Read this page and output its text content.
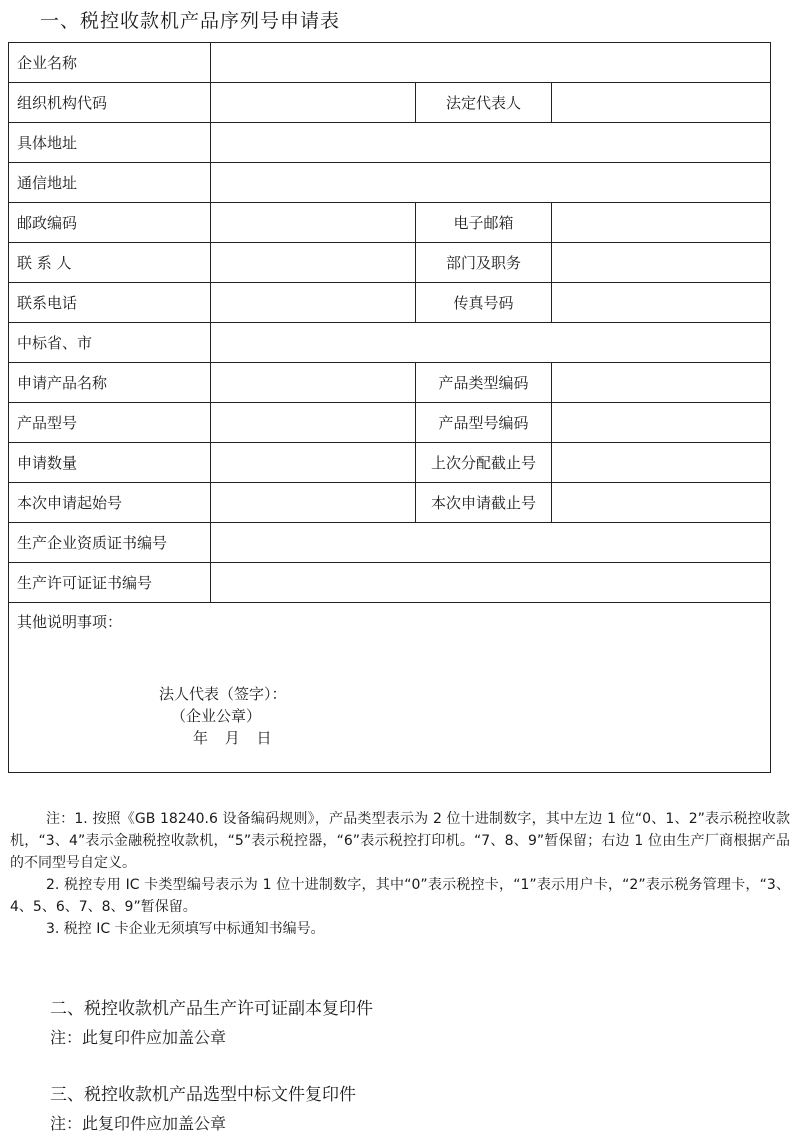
一、税控收款机产品序列号申请表
企业名称			
组织机构代码		法定代表人	
具体地址			
通信地址			
邮政编码		电子邮箱	
联 系 人		部门及职务	
联系电话		传真号码	
中标省、市			
申请产品名称		产品类型编码	
产品型号		产品型号编码	
申请数量		上次分配截止号	
本次申请起始号		本次申请截止号	
生产企业资质证书编号			
生产许可证证书编号			

其他说明事项：
法人代表（签字）：
（企业公章）
年 月 日			

注：1. 按照《GB 18240.6 设备编码规则》，产品类型表示为 2 位十进制数字，其中左边 1 位“0、1、2”表示税控收款机，“3、4”表示金融税控收款机，“5”表示税控器，“6”表示税控打印机。“7、8、9”暂保留；右边 1 位由生产厂商根据产品的不同型号自定义。

2. 税控专用 IC 卡类型编号表示为 1 位十进制数字，其中“0”表示税控卡，“1”表示用户卡，“2”表示税务管理卡，“3、4、5、6、7、8、9”暂保留。

3. 税控 IC 卡企业无须填写中标通知书编号。

二、税控收款机产品生产许可证副本复印件
注：此复印件应加盖公章
三、税控收款机产品选型中标文件复印件
注：此复印件应加盖公章
